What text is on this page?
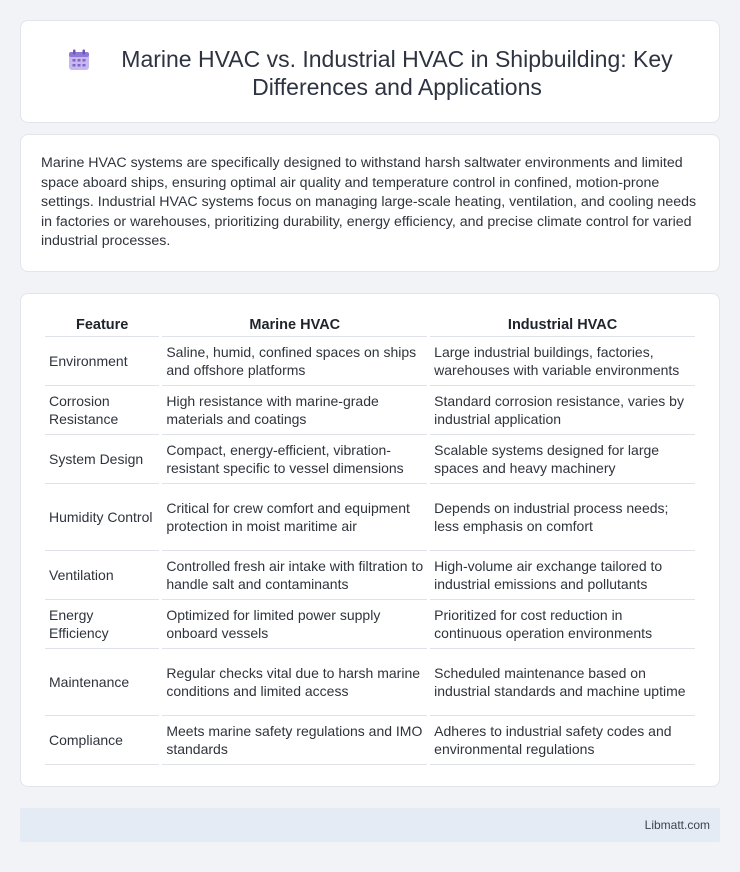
Marine HVAC vs. Industrial HVAC in Shipbuilding: Key Differences and Applications

Marine HVAC systems are specifically designed to withstand harsh saltwater environments and limited space aboard ships, ensuring optimal air quality and temperature control in confined, motion-prone settings. Industrial HVAC systems focus on managing large-scale heating, ventilation, and cooling needs in factories or warehouses, prioritizing durability, energy efficiency, and precise climate control for varied industrial processes.

Feature	Marine HVAC	Industrial HVAC
Environment	Saline, humid, confined spaces on ships and offshore platforms	Large industrial buildings, factories, warehouses with variable environments
Corrosion Resistance	High resistance with marine-grade materials and coatings	Standard corrosion resistance, varies by industrial application
System Design	Compact, energy-efficient, vibration-resistant specific to vessel dimensions	Scalable systems designed for large spaces and heavy machinery
Humidity Control	Critical for crew comfort and equipment protection in moist maritime air	Depends on industrial process needs; less emphasis on comfort
Ventilation	Controlled fresh air intake with filtration to handle salt and contaminants	High-volume air exchange tailored to industrial emissions and pollutants
Energy Efficiency	Optimized for limited power supply onboard vessels	Prioritized for cost reduction in continuous operation environments
Maintenance	Regular checks vital due to harsh marine conditions and limited access	Scheduled maintenance based on industrial standards and machine uptime
Compliance	Meets marine safety regulations and IMO standards	Adheres to industrial safety codes and environmental regulations
Libmatt.com
